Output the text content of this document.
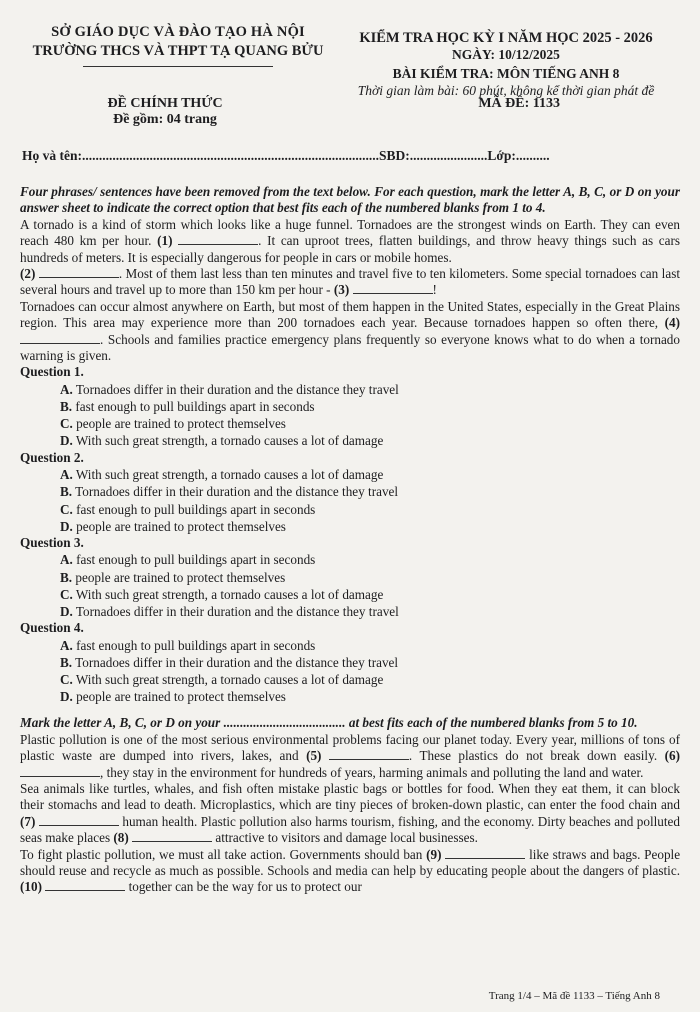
SỞ GIÁO DỤC VÀ ĐÀO TẠO HÀ NỘI
TRƯỜNG THCS VÀ THPT TẠ QUANG BỬU
KIỂM TRA HỌC KỲ I NĂM HỌC 2025 - 2026
NGÀY: 10/12/2025
BÀI KIỂM TRA: MÔN TIẾNG ANH 8
Thời gian làm bài: 60 phút, không kể thời gian phát đề
ĐỀ CHÍNH THỨC
Đề gồm: 04 trang
MÃ ĐỀ: 1133
Họ và tên:........................................................................................SBD:.......................Lớp:..........

Four phrases/ sentences have been removed from the text below. For each question, mark the letter A, B, C, or D on your answer sheet to indicate the correct option that best fits each of the numbered blanks from 1 to 4.

A tornado is a kind of storm which looks like a huge funnel. Tornadoes are the strongest winds on Earth. They can even reach 480 km per hour. (1)	. It can uproot trees, flatten buildings, and throw heavy things such as cars hundreds of meters. It is especially dangerous for people in cars or mobile homes.
(2)	. Most of them last less than ten minutes and travel five to ten kilometers. Some special tornadoes can last several hours and travel up to more than 150 km per hour - (3)	!

Tornadoes can occur almost anywhere on Earth, but most of them happen in the United States, especially in the Great Plains region. This area may experience more than 200 tornadoes each year. Because tornadoes happen so often there, (4) . Schools and families practice emergency plans frequently so everyone knows what to do when a tornado warning is given.

Question 1.

A. Tornadoes differ in their duration and the distance they travel
B. fast enough to pull buildings apart in seconds
C. people are trained to protect themselves
D. With such great strength, a tornado causes a lot of damage

Question 2.

A. With such great strength, a tornado causes a lot of damage
B. Tornadoes differ in their duration and the distance they travel
C. fast enough to pull buildings apart in seconds
D. people are trained to protect themselves

Question 3.

A. fast enough to pull buildings apart in seconds
B. people are trained to protect themselves
C. With such great strength, a tornado causes a lot of damage
D. Tornadoes differ in their duration and the distance they travel

Question 4.

A. fast enough to pull buildings apart in seconds
B. Tornadoes differ in their duration and the distance they travel
C. With such great strength, a tornado causes a lot of damage
D. people are trained to protect themselves

Mark the letter A, B, C, or D on your ..................................... at best fits each of the numbered blanks from 5 to 10.

Plastic pollution is one of the most serious environmental problems facing our planet today. Every year, millions of tons of plastic waste are dumped into rivers, lakes, and (5)	. These plastics do not break down easily. (6) , they stay in the environment for hundreds of years, harming animals and polluting the land and water.

Sea animals like turtles, whales, and fish often mistake plastic bags or bottles for food. When they eat them, it can block their stomachs and lead to death. Microplastics, which are tiny pieces of broken-down plastic, can enter the food chain and (7)	human health. Plastic pollution also harms tourism, fishing, and the economy. Dirty beaches and polluted seas make places (8)	attractive to visitors and damage local businesses.

To fight plastic pollution, we must all take action. Governments should ban (9)	like straws and bags. People should reuse and recycle as much as possible. Schools and media can help by educating people about the dangers of plastic. (10)	together can be the way for us to protect our

Trang 1/4 – Mã đề 1133 – Tiếng Anh 8
